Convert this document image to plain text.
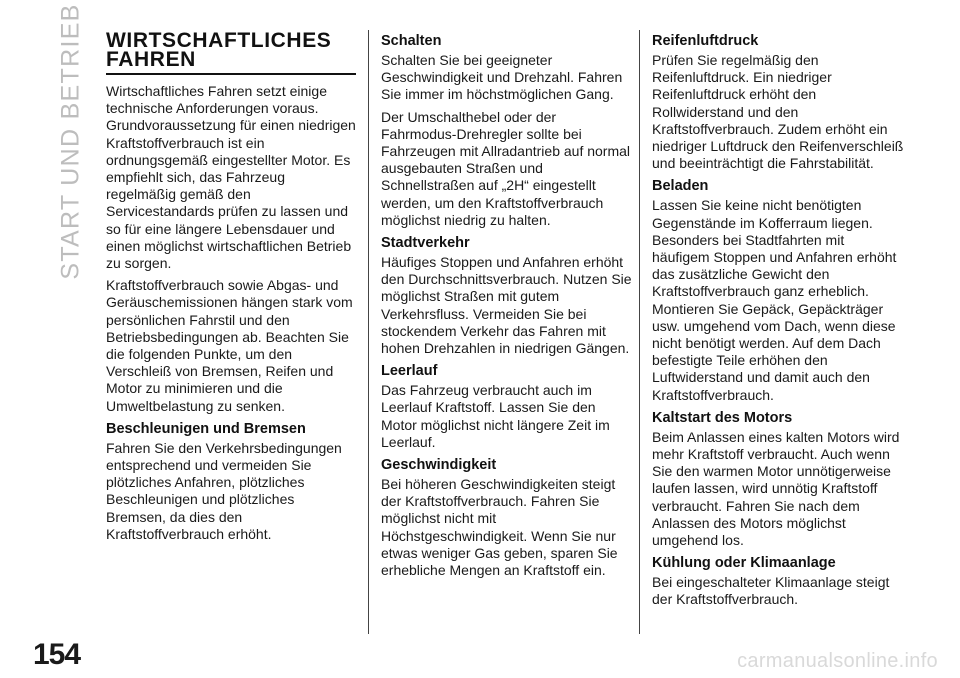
START UND BETRIEB WIRTSCHAFTLICHES
FAHREN

Wirtschaftliches Fahren setzt einige technische Anforderungen voraus. Grundvoraussetzung für einen niedrigen Kraftstoffverbrauch ist ein ordnungsgemäß eingestellter Motor. Es empfiehlt sich, das Fahrzeug regelmäßig gemäß den Servicestandards prüfen zu lassen und so für eine längere Lebensdauer und einen möglichst wirtschaftlichen Betrieb zu sorgen.

Kraftstoffverbrauch sowie Abgas- und Geräuschemissionen hängen stark vom persönlichen Fahrstil und den Betriebsbedingungen ab. Beachten Sie die folgenden Punkte, um den Verschleiß von Bremsen, Reifen und Motor zu minimieren und die Umweltbelastung zu senken.

Beschleunigen und Bremsen

Fahren Sie den Verkehrsbedingungen entsprechend und vermeiden Sie plötzliches Anfahren, plötzliches Beschleunigen und plötzliches Bremsen, da dies den Kraftstoffverbrauch erhöht.

Schalten

Schalten Sie bei geeigneter Geschwindigkeit und Drehzahl. Fahren Sie immer im höchstmöglichen Gang.

Der Umschalthebel oder der Fahrmodus-Drehregler sollte bei Fahrzeugen mit Allradantrieb auf normal ausgebauten Straßen und Schnellstraßen auf „2H“ eingestellt werden, um den Kraftstoffverbrauch möglichst niedrig zu halten.

Stadtverkehr

Häufiges Stoppen und Anfahren erhöht den Durchschnittsverbrauch. Nutzen Sie möglichst Straßen mit gutem Verkehrsfluss. Vermeiden Sie bei stockendem Verkehr das Fahren mit hohen Drehzahlen in niedrigen Gängen.

Leerlauf

Das Fahrzeug verbraucht auch im Leerlauf Kraftstoff. Lassen Sie den Motor möglichst nicht längere Zeit im Leerlauf.

Geschwindigkeit

Bei höheren Geschwindigkeiten steigt der Kraftstoffverbrauch. Fahren Sie möglichst nicht mit Höchstgeschwindigkeit. Wenn Sie nur etwas weniger Gas geben, sparen Sie erhebliche Mengen an Kraftstoff ein.

Reifenluftdruck

Prüfen Sie regelmäßig den Reifenluftdruck. Ein niedriger Reifenluftdruck erhöht den Rollwiderstand und den Kraftstoffverbrauch. Zudem erhöht ein niedriger Luftdruck den Reifenverschleiß und beeinträchtigt die Fahrstabilität.

Beladen

Lassen Sie keine nicht benötigten Gegenstände im Kofferraum liegen. Besonders bei Stadtfahrten mit häufigem Stoppen und Anfahren erhöht das zusätzliche Gewicht den Kraftstoffverbrauch ganz erheblich. Montieren Sie Gepäck, Gepäckträger usw. umgehend vom Dach, wenn diese nicht benötigt werden. Auf dem Dach befestigte Teile erhöhen den Luftwiderstand und damit auch den Kraftstoffverbrauch.

Kaltstart des Motors

Beim Anlassen eines kalten Motors wird mehr Kraftstoff verbraucht. Auch wenn Sie den warmen Motor unnötigerweise laufen lassen, wird unnötig Kraftstoff verbraucht. Fahren Sie nach dem Anlassen des Motors möglichst umgehend los.

Kühlung oder Klimaanlage

Bei eingeschalteter Klimaanlage steigt der Kraftstoffverbrauch.

154	carmanualsonline.info
